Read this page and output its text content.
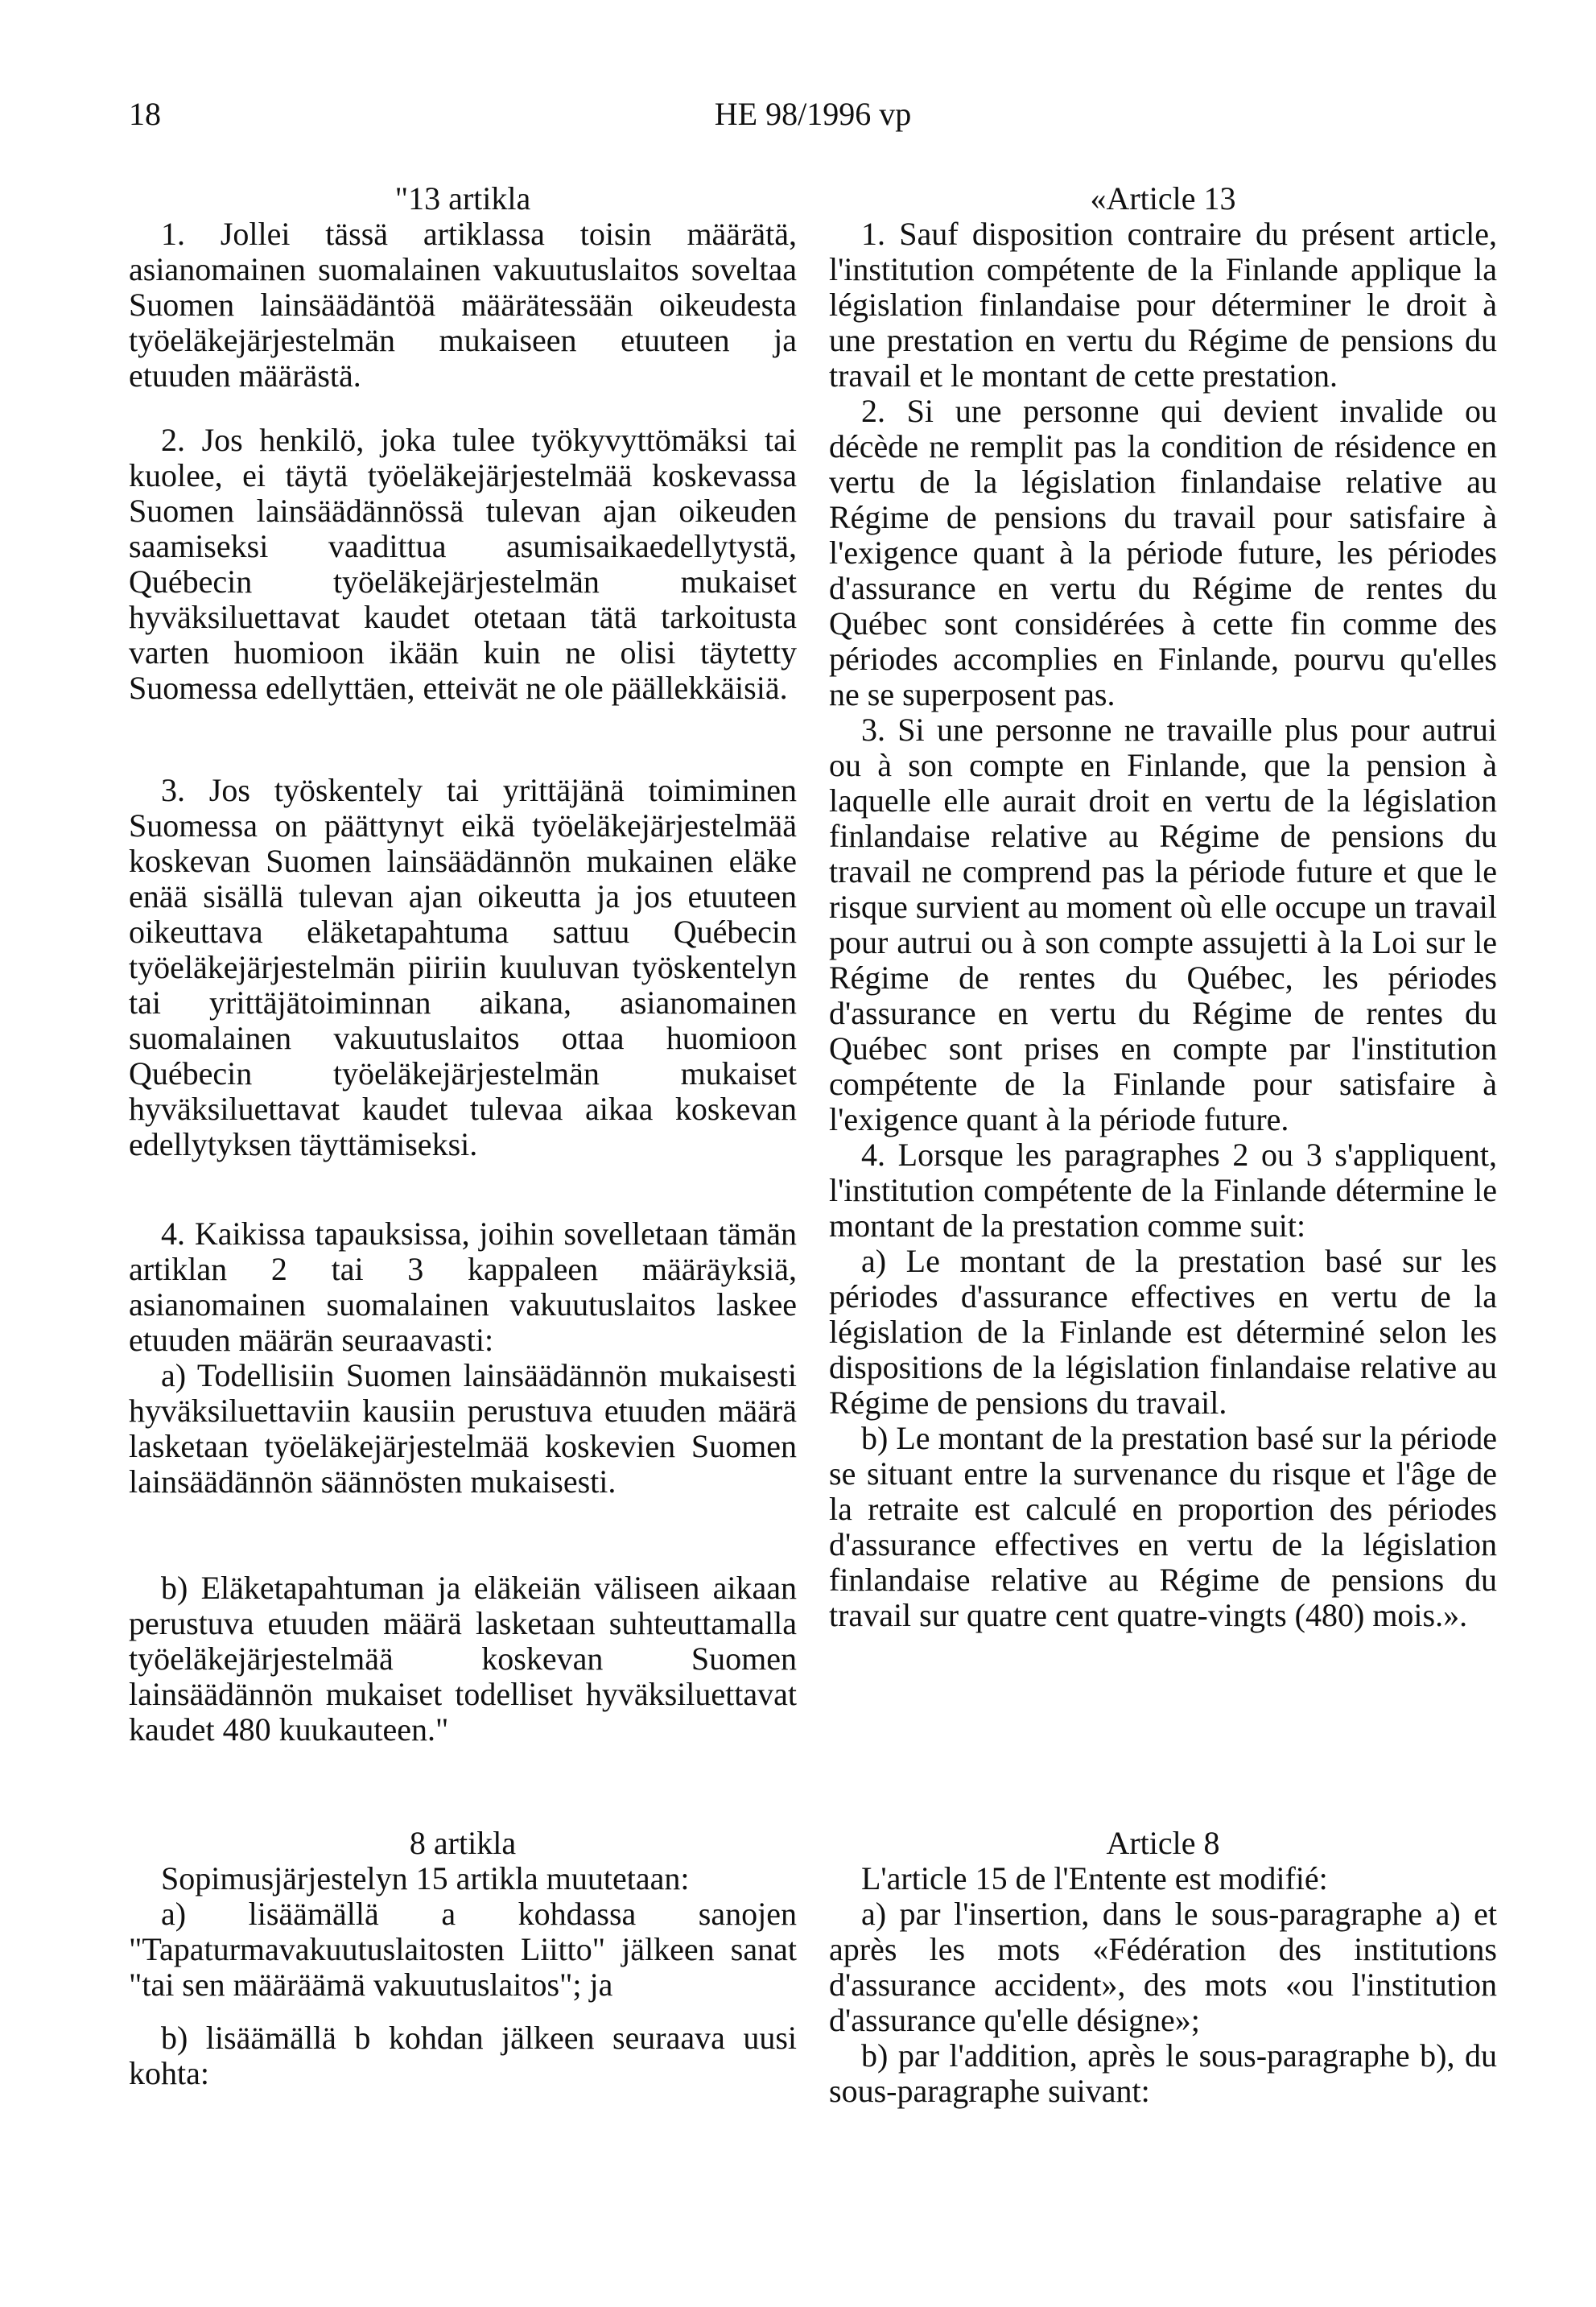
18	HE 98/1996 vp

"13 artikla

1. Jollei tässä artiklassa toisin määrätä, asianomainen suomalainen vakuutuslaitos soveltaa Suomen lainsäädäntöä määrätessään oikeudesta työeläkejärjestelmän mukaiseen etuuteen ja etuuden määrästä.

2. Jos henkilö, joka tulee työkyvyttömäksi tai kuolee, ei täytä työeläkejärjestelmää koskevassa Suomen lainsäädännössä tulevan ajan oikeuden saamiseksi vaadittua asumisaikaedellytystä, Québecin työeläkejärjestelmän mukaiset hyväksiluettavat kaudet otetaan tätä tarkoitusta varten huomioon ikään kuin ne olisi täytetty Suomessa edellyttäen, etteivät ne ole päällekkäisiä.

3. Jos työskentely tai yrittäjänä toimiminen Suomessa on päättynyt eikä työeläkejärjestelmää koskevan Suomen lainsäädännön mukainen eläke enää sisällä tulevan ajan oikeutta ja jos etuuteen oikeuttava eläketapahtuma sattuu Québecin työeläkejärjestelmän piiriin kuuluvan työskentelyn tai yrittäjätoiminnan aikana, asianomainen suomalainen vakuutuslaitos ottaa huomioon Québecin työeläkejärjestelmän mukaiset hyväksiluettavat kaudet tulevaa aikaa koskevan edellytyksen täyttämiseksi.

4. Kaikissa tapauksissa, joihin sovelletaan tämän artiklan 2 tai 3 kappaleen määräyksiä, asianomainen suomalainen vakuutuslaitos laskee etuuden määrän seuraavasti:

a) Todellisiin Suomen lainsäädännön mukaisesti hyväksiluettaviin kausiin perustuva etuuden määrä lasketaan työeläkejärjestelmää koskevien Suomen lainsäädännön säännösten mukaisesti.

b) Eläketapahtuman ja eläkeiän väliseen aikaan perustuva etuuden määrä lasketaan suhteuttamalla työeläkejärjestelmää koskevan Suomen lainsäädännön mukaiset todelliset hyväksiluettavat kaudet 480 kuukauteen."

8 artikla

Sopimusjärjestelyn 15 artikla muutetaan:

a) lisäämällä a kohdassa sanojen "Tapaturmavakuutuslaitosten Liitto" jälkeen sanat "tai sen määräämä vakuutuslaitos"; ja

b) lisäämällä b kohdan jälkeen seuraava uusi kohta:

«Article 13

1. Sauf disposition contraire du présent article, l'institution compétente de la Finlande applique la législation finlandaise pour déterminer le droit à une prestation en vertu du Régime de pensions du travail et le montant de cette prestation.

2. Si une personne qui devient invalide ou décède ne remplit pas la condition de résidence en vertu de la législation finlandaise relative au Régime de pensions du travail pour satisfaire à l'exigence quant à la période future, les périodes d'assurance en vertu du Régime de rentes du Québec sont considérées à cette fin comme des périodes accomplies en Finlande, pourvu qu'elles ne se superposent pas.

3. Si une personne ne travaille plus pour autrui ou à son compte en Finlande, que la pension à laquelle elle aurait droit en vertu de la législation finlandaise relative au Régime de pensions du travail ne comprend pas la période future et que le risque survient au moment où elle occupe un travail pour autrui ou à son compte assujetti à la Loi sur le Régime de rentes du Québec, les périodes d'assurance en vertu du Régime de rentes du Québec sont prises en compte par l'institution compétente de la Finlande pour satisfaire à l'exigence quant à la période future.

4. Lorsque les paragraphes 2 ou 3 s'appliquent, l'institution compétente de la Finlande détermine le montant de la prestation comme suit:

a) Le montant de la prestation basé sur les périodes d'assurance effectives en vertu de la législation de la Finlande est déterminé selon les dispositions de la législation finlandaise relative au Régime de pensions du travail.

b) Le montant de la prestation basé sur la période se situant entre la survenance du risque et l'âge de la retraite est calculé en proportion des périodes d'assurance effectives en vertu de la législation finlandaise relative au Régime de pensions du travail sur quatre cent quatre-vingts (480) mois.».

Article 8

L'article 15 de l'Entente est modifié:

a) par l'insertion, dans le sous-paragraphe a) et après les mots «Fédération des institutions d'assurance accident», des mots «ou l'institution d'assurance qu'elle désigne»;

b) par l'addition, après le sous-paragraphe b), du sous-paragraphe suivant:
